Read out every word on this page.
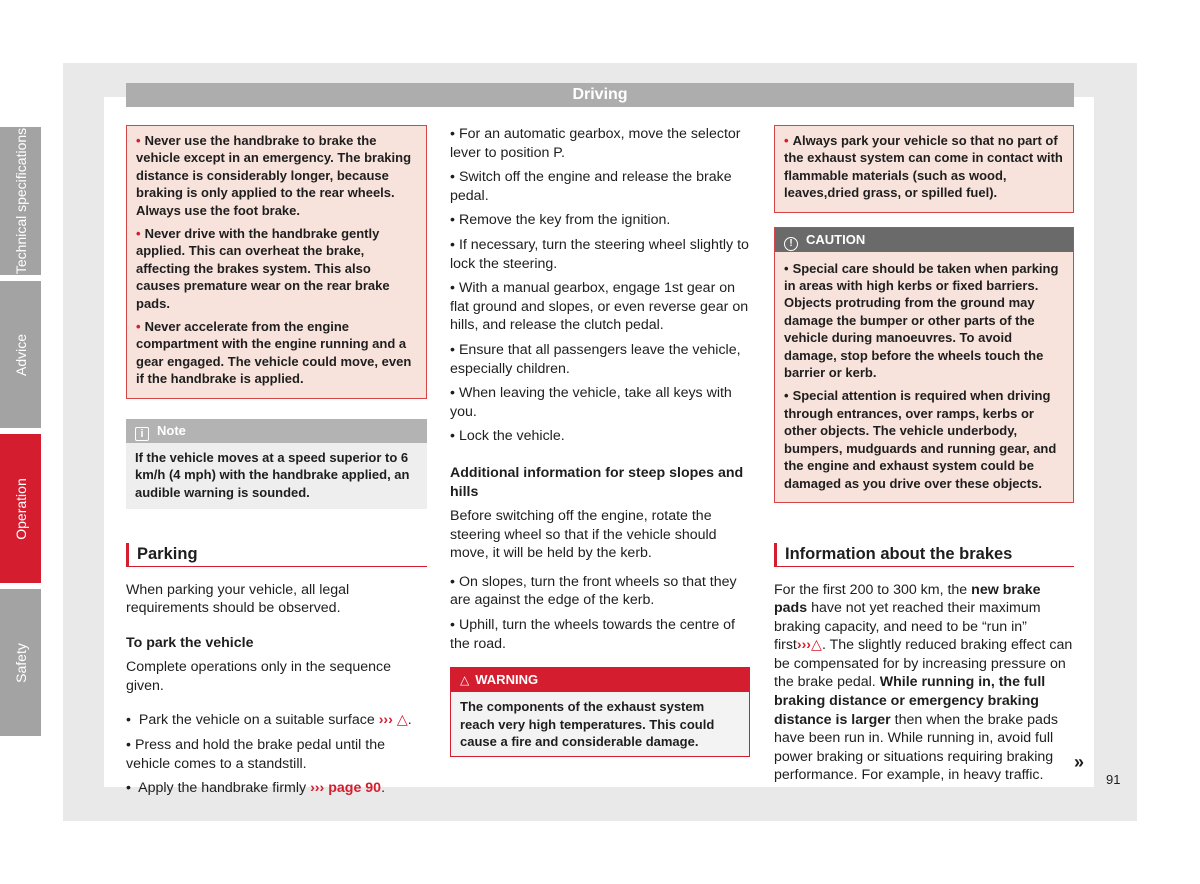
Driving
• Never use the handbrake to brake the vehicle except in an emergency. The braking distance is considerably longer, because braking is only applied to the rear wheels. Always use the foot brake.
• Never drive with the handbrake gently applied. This can overheat the brake, affecting the brakes system. This also causes premature wear on the rear brake pads.
• Never accelerate from the engine compartment with the engine running and a gear engaged. The vehicle could move, even if the handbrake is applied.
i Note
If the vehicle moves at a speed superior to 6 km/h (4 mph) with the handbrake applied, an audible warning is sounded.
Parking

When parking your vehicle, all legal requirements should be observed.

To park the vehicle

Complete operations only in the sequence given.

• Park the vehicle on a suitable surface ››› △.
• Press and hold the brake pedal until the vehicle comes to a standstill.
• Apply the handbrake firmly ››› page 90.
• For an automatic gearbox, move the selector lever to position P.
• Switch off the engine and release the brake pedal.
• Remove the key from the ignition.
• If necessary, turn the steering wheel slightly to lock the steering.
• With a manual gearbox, engage 1st gear on flat ground and slopes, or even reverse gear on hills, and release the clutch pedal.
• Ensure that all passengers leave the vehicle, especially children.
• When leaving the vehicle, take all keys with you.
• Lock the vehicle.

Additional information for steep slopes and hills

Before switching off the engine, rotate the steering wheel so that if the vehicle should move, it will be held by the kerb.

• On slopes, turn the front wheels so that they are against the edge of the kerb.
• Uphill, turn the wheels towards the centre of the road.
△ WARNING
The components of the exhaust system reach very high temperatures. This could cause a fire and considerable damage.
• Always park your vehicle so that no part of the exhaust system can come in contact with flammable materials (such as wood, leaves,dried grass, or spilled fuel).
! CAUTION
• Special care should be taken when parking in areas with high kerbs or fixed barriers. Objects protruding from the ground may damage the bumper or other parts of the vehicle during manoeuvres. To avoid damage, stop before the wheels touch the barrier or kerb.
• Special attention is required when driving through entrances, over ramps, kerbs or other objects. The vehicle underbody, bumpers, mudguards and running gear, and the engine and exhaust system could be damaged as you drive over these objects.
Information about the brakes

For the first 200 to 300 km, the new brake pads have not yet reached their maximum braking capacity, and need to be “run in” first›››△. The slightly reduced braking effect can be compensated for by increasing pressure on the brake pedal. While running in, the full braking distance or emergency braking distance is larger then when the brake pads have been run in. While running in, avoid full power braking or situations requiring braking performance. For example, in heavy traffic.

»
Technical specifications
Advice
Operation
Safety
91
